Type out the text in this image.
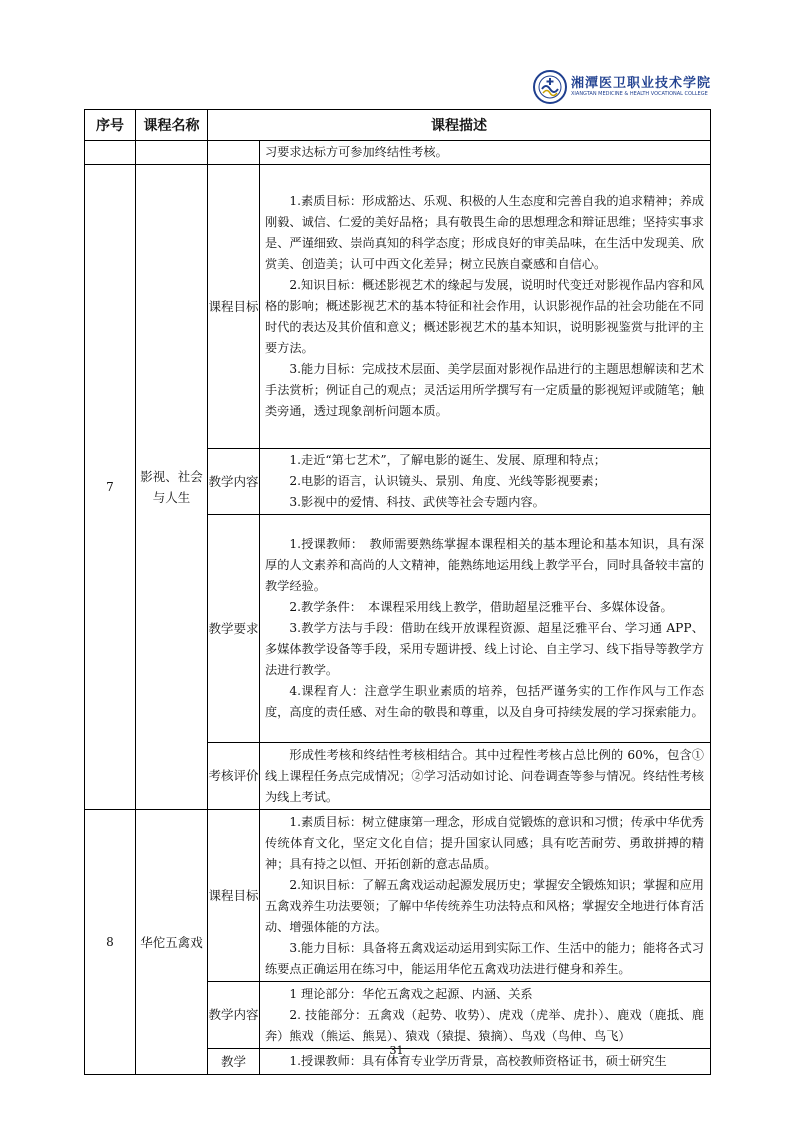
湘潭医卫职业技术学院
XIANGTAN MEDICINE & HEALTH VOCATIONAL COLLEGE
序号	课程名称	课程描述	

			习要求达标方可参加终结性考核。

7	影视、社会与人生	课程目标	1.素质目标：形成豁达、乐观、积极的人生态度和完善自我的追求精神；养成刚毅、诚信、仁爱的美好品格；具有敬畏生命的思想理念和辩证思维；坚持实事求是、严谨细致、崇尚真知的科学态度；形成良好的审美品味，在生活中发现美、欣赏美、创造美；认可中西文化差异；树立民族自豪感和自信心。

2.知识目标：概述影视艺术的缘起与发展，说明时代变迁对影视作品内容和风格的影响；概述影视艺术的基本特征和社会作用，认识影视作品的社会功能在不同时代的表达及其价值和意义；概述影视艺术的基本知识，说明影视鉴赏与批评的主要方法。

3.能力目标：完成技术层面、美学层面对影视作品进行的主题思想解读和艺术手法赏析；例证自己的观点；灵活运用所学撰写有一定质量的影视短评或随笔；触类旁通，透过现象剖析问题本质。

		教学内容	1.走近“第七艺术”，了解电影的诞生、发展、原理和特点；

2.电影的语言，认识镜头、景别、角度、光线等影视要素；

3.影视中的爱情、科技、武侠等社会专题内容。

		教学要求	1.授课教师：　教师需要熟练掌握本课程相关的基本理论和基本知识，具有深厚的人文素养和高尚的人文精神，能熟练地运用线上教学平台，同时具备较丰富的教学经验。

2.教学条件：　本课程采用线上教学，借助超星泛雅平台、多媒体设备。

3.教学方法与手段：借助在线开放课程资源、超星泛雅平台、学习通 APP、多媒体教学设备等手段，采用专题讲授、线上讨论、自主学习、线下指导等教学方法进行教学。

4.课程育人：注意学生职业素质的培养，包括严谨务实的工作作风与工作态度，高度的责任感、对生命的敬畏和尊重，以及自身可持续发展的学习探索能力。

		考核评价	形成性考核和终结性考核相结合。其中过程性考核占总比例的 60%，包含①线上课程任务点完成情况；②学习活动如讨论、问卷调查等参与情况。终结性考核为线上考试。

8	华佗五禽戏	课程目标	1.素质目标：树立健康第一理念，形成自觉锻炼的意识和习惯；传承中华优秀传统体育文化，坚定文化自信；提升国家认同感；具有吃苦耐劳、勇敢拼搏的精神；具有持之以恒、开拓创新的意志品质。

2.知识目标：了解五禽戏运动起源发展历史；掌握安全锻炼知识；掌握和应用五禽戏养生功法要领；了解中华传统养生功法特点和风格；掌握安全地进行体育活动、增强体能的方法。

3.能力目标：具备将五禽戏运动运用到实际工作、生活中的能力；能将各式习练要点正确运用在练习中，能运用华佗五禽戏功法进行健身和养生。

		教学内容	1 理论部分：华佗五禽戏之起源、内涵、关系

2. 技能部分：五禽戏（起势、收势）、虎戏（虎举、虎扑）、鹿戏（鹿抵、鹿奔）熊戏（熊运、熊晃）、猿戏（猿提、猿摘）、鸟戏（鸟伸、鸟飞）

		教学	1.授课教师：具有体育专业学历背景，高校教师资格证书，硕士研究生

31
